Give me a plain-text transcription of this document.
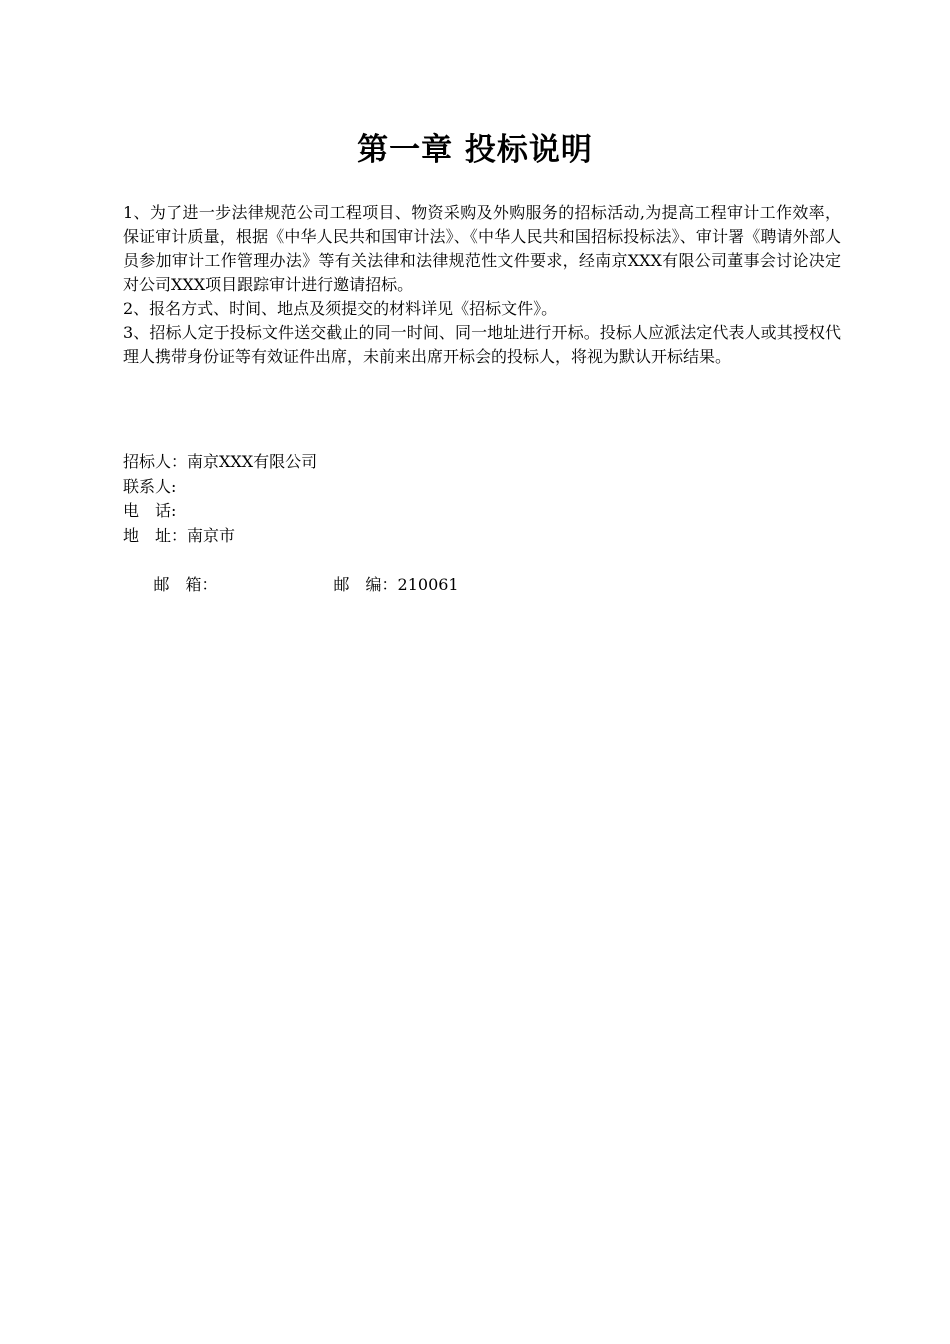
第一章 投标说明

1、为了进一步法律规范公司工程项目、物资采购及外购服务的招标活动,为提高工程审计工作效率，保证审计质量，根据《中华人民共和国审计法》、《中华人民共和国招标投标法》、审计署《聘请外部人员参加审计工作管理办法》等有关法律和法律规范性文件要求，经南京XXX有限公司董事会讨论决定对公司XXX项目跟踪审计进行邀请招标。

2、报名方式、时间、地点及须提交的材料详见《招标文件》。

3、招标人定于投标文件送交截止的同一时间、同一地址进行开标。投标人应派法定代表人或其授权代理人携带身份证等有效证件出席，未前来出席开标会的投标人，将视为默认开标结果。

招标人：南京XXX有限公司
联系人:
电　话:
地　址：南京市

邮　箱：	邮　编：210061
